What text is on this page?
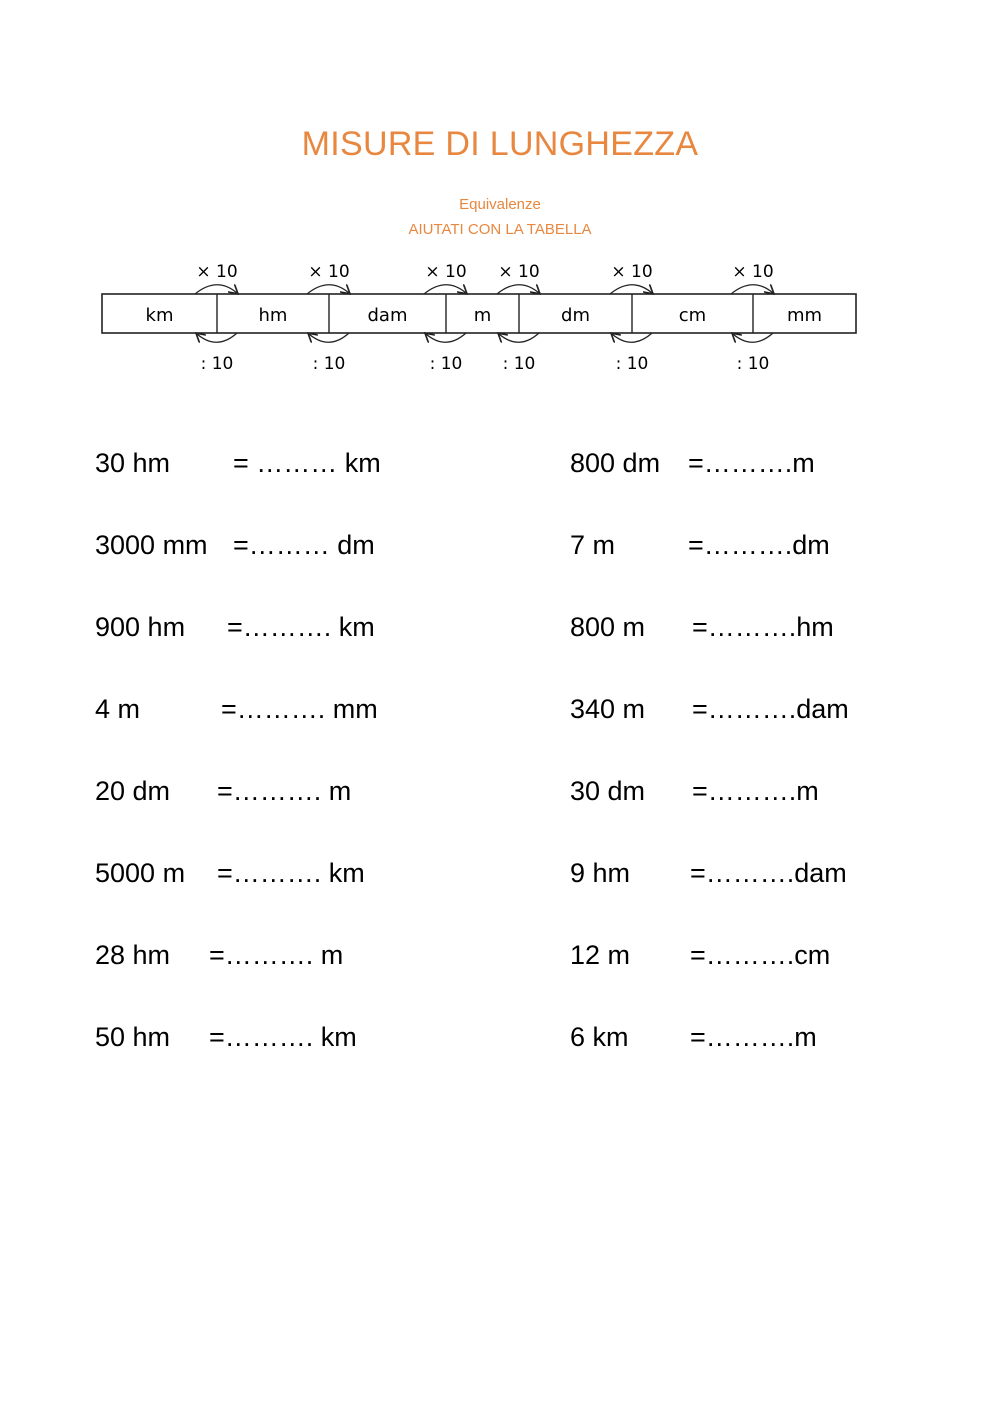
MISURE DI LUNGHEZZA
Equivalenze
AIUTATI CON LA TABELLA
km	hm	dam	m	dm	cm	mm
× 10
: 10
× 10
: 10
× 10
: 10
× 10
: 10
× 10
: 10
× 10
: 10
30 hm = ……… km
3000 mm =……… dm
900 hm =………. km
4 m	=………. mm
20 dm =………. m
5000 m =………. km
28 hm =………. m
50 hm =………. km
800 dm =……….m
7 m	=……….dm
800 m =……….hm
340 m =……….dam
30 dm =……….m
9 hm =……….dam
12 m =……….cm
6 km =……….m
